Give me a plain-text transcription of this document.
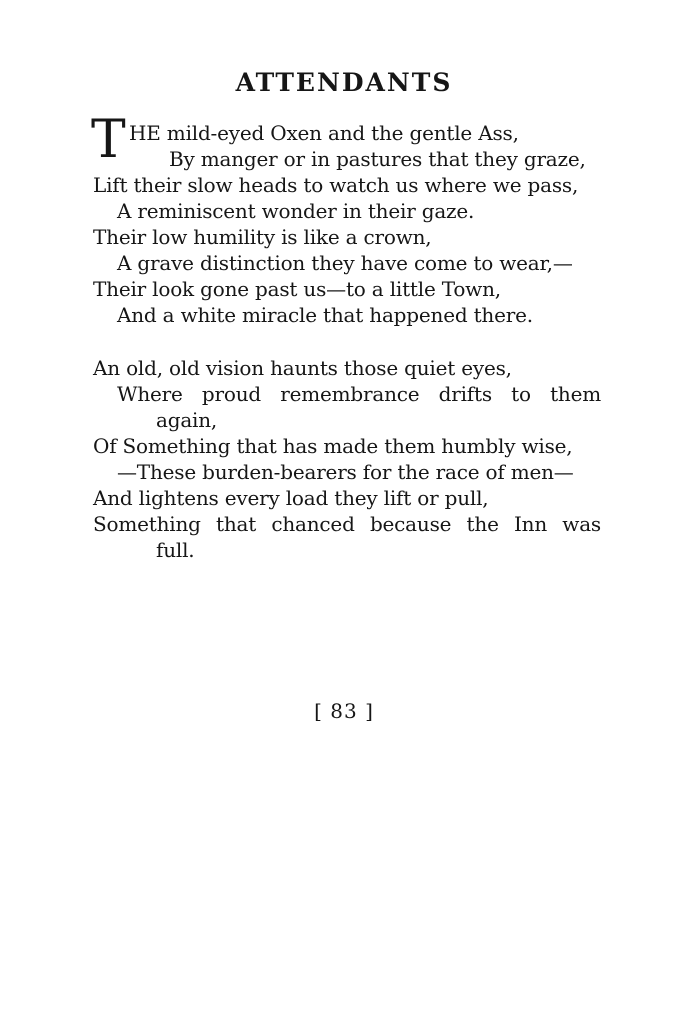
ATTENDANTS
T HE mild-eyed Oxen and the gentle Ass,
By manger or in pastures that they graze,
Lift their slow heads to watch us where we pass,
A reminiscent wonder in their gaze.
Their low humility is like a crown,
A grave distinction they have come to wear,—
Their look gone past us—to a little Town,
And a white miracle that happened there.
An old, old vision haunts those quiet eyes,
Where proud remembrance drifts to them
again,
Of Something that has made them humbly wise,
—These burden-bearers for the race of men—
And lightens every load they lift or pull,
Something that chanced because the Inn was
full.
[ 83 ]
